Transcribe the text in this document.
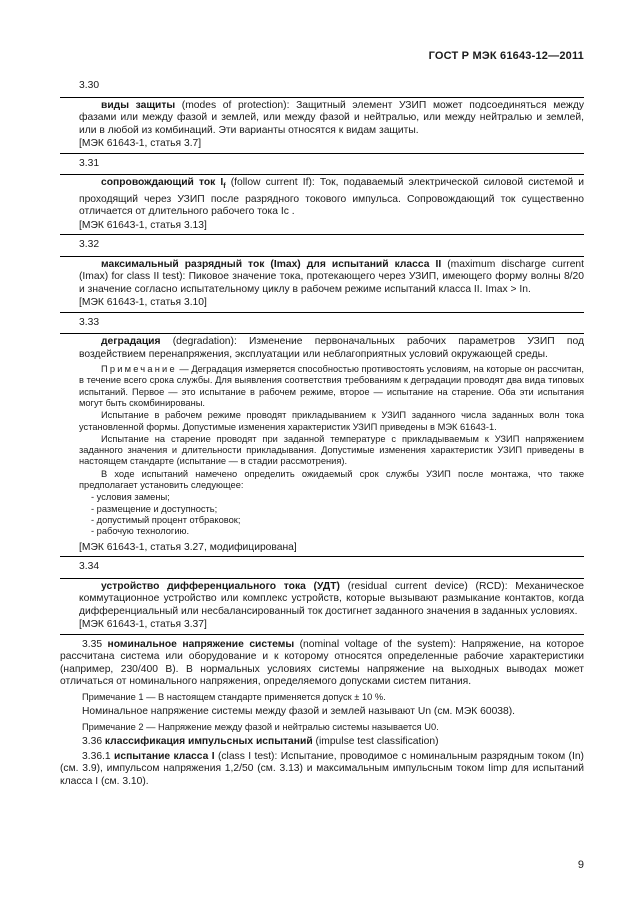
ГОСТ Р МЭК 61643-12—2011
3.30

виды защиты (modes of protection): Защитный элемент УЗИП может подсоединяться между фазами или между фазой и землей, или между фазой и нейтралью, или между нейтралью и землей, или в любой из комбинаций. Эти варианты относятся к видам защиты.

[МЭК 61643-1, статья 3.7]

3.31

сопровождающий ток $I_f$ (follow current If): Ток, подаваемый электрической силовой системой и проходящий через УЗИП после разрядного токового импульса. Сопровождающий ток существенно отличается от длительного рабочего тока Ic .

[МЭК 61643-1, статья 3.13]

3.32

максимальный разрядный ток (Imax) для испытаний класса II (maximum discharge current (Imax) for class II test): Пиковое значение тока, протекающего через УЗИП, имеющего форму волны 8/20 и значение согласно испытательному циклу в рабочем режиме испытаний класса II. Imax > In.

[МЭК 61643-1, статья 3.10]

3.33

деградация (degradation): Изменение первоначальных рабочих параметров УЗИП под воздействием перенапряжения, эксплуатации или неблагоприятных условий окружающей среды.

Примечание — Деградация измеряется способностью противостоять условиям, на которые он рассчитан, в течение всего срока службы. Для выявления соответствия требованиям к деградации проводят два вида типовых испытаний. Первое — это испытание в рабочем режиме, второе — испытание на старение. Оба эти испытания могут быть скомбинированы.

Испытание в рабочем режиме проводят прикладыванием к УЗИП заданного числа заданных волн тока установленной формы. Допустимые изменения характеристик УЗИП приведены в МЭК 61643-1.

Испытание на старение проводят при заданной температуре с прикладываемым к УЗИП напряжением заданного значения и длительности прикладывания. Допустимые изменения характеристик УЗИП приведены в настоящем стандарте (испытание — в стадии рассмотрения).

В ходе испытаний намечено определить ожидаемый срок службы УЗИП после монтажа, что также предполагает установить следующее:

- условия замены;
- размещение и доступность;
- допустимый процент отбраковок;
- рабочую технологию.

[МЭК 61643-1, статья 3.27, модифицирована]

3.34

устройство дифференциального тока (УДТ) (residual current device) (RCD): Механическое коммутационное устройство или комплекс устройств, которые вызывают размыкание контактов, когда дифференциальный или несбалансированный ток достигнет заданного значения в заданных условиях.

[МЭК 61643-1, статья 3.37]

3.35 номинальное напряжение системы (nominal voltage of the system): Напряжение, на которое рассчитана система или оборудование и к которому относятся определенные рабочие характеристики (например, 230/400 В). В нормальных условиях системы напряжение на выходных выводах может отличаться от номинального напряжения, определяемого допусками систем питания.

Примечание 1 — В настоящем стандарте применяется допуск ± 10 %.

Номинальное напряжение системы между фазой и землей называют Un (см. МЭК 60038).

Примечание 2 — Напряжение между фазой и нейтралью системы называется U0.

3.36 классификация импульсных испытаний (impulse test classification)

3.36.1 испытание класса I (class I test): Испытание, проводимое с номинальным разрядным током (In) (см. 3.9), импульсом напряжения 1,2/50 (см. 3.13) и максимальным импульсным током Iimp для испытаний класса I (см. 3.10).

9
